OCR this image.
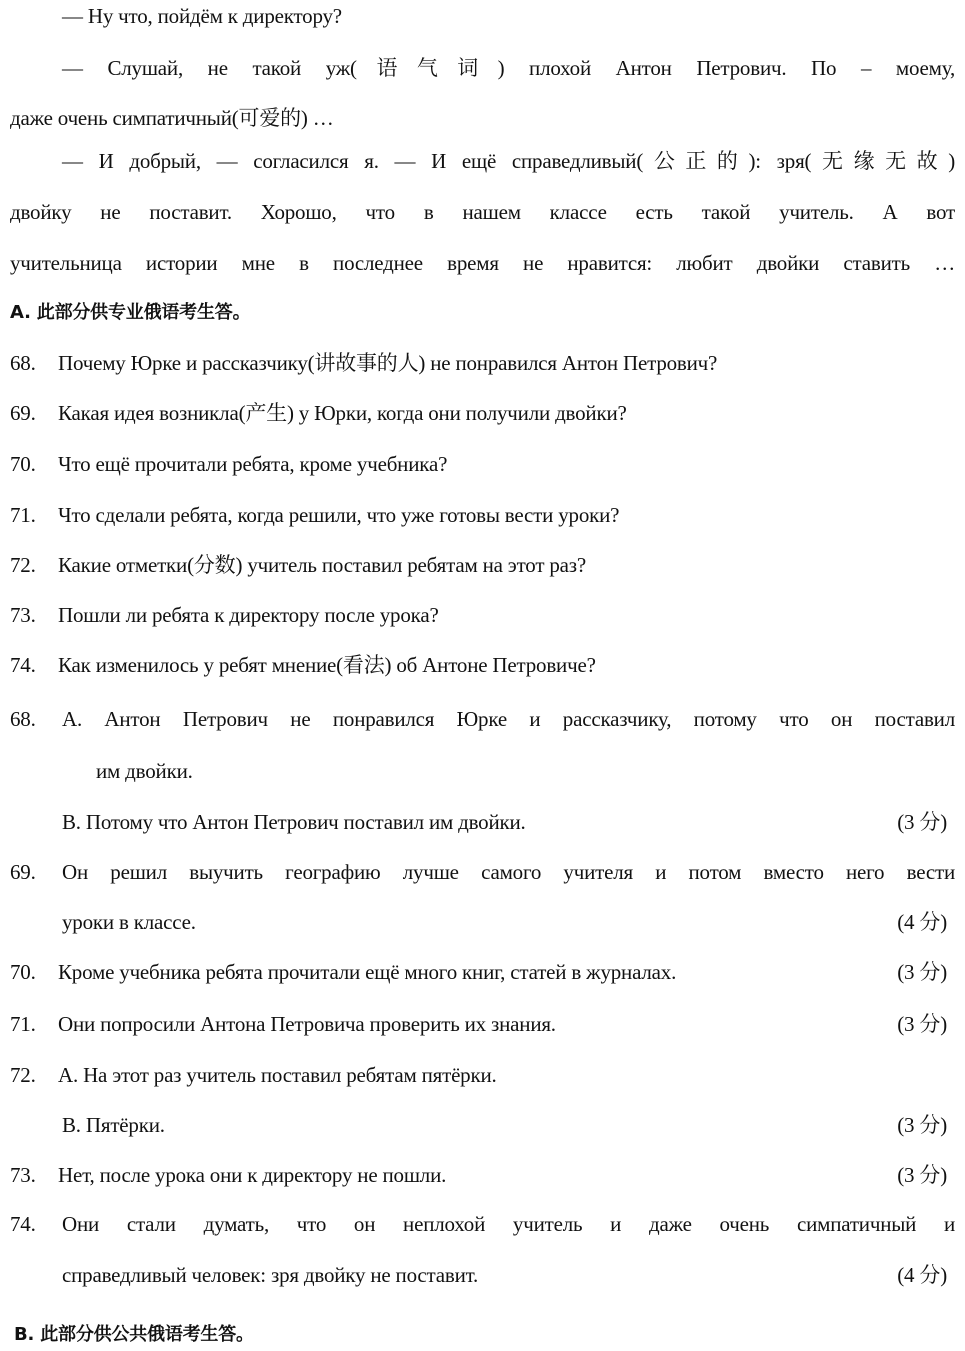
— Ну что, пойдём к директору?
— Слушай, не такой уж(语气词) плохой Антон Петрович. По – моему,
даже очень симпатичный(可爱的) …
— И добрый, — согласился я. — И ещё справедливый(公正的): зря(无缘无故)
двойку не поставит. Хорошо, что в нашем классе есть такой учитель. А вот
учительница истории мне в последнее время не нравится: любит двойки ставить …
A. 此部分供专业俄语考生答。
68. Почему Юрке и рассказчику(讲故事的人) не понравился Антон Петрович?
69. Какая идея возникла(产生) у Юрки, когда они получили двойки?
70. Что ещё прочитали ребята, кроме учебника?
71. Что сделали ребята, когда решили, что уже готовы вести уроки?
72. Какие отметки(分数) учитель поставил ребятам на этот раз?
73. Пошли ли ребята к директору после урока?
74. Как изменилось у ребят мнение(看法) об Антоне Петровиче?
68.	A. Антон Петрович не понравился Юрке и рассказчику, потому что он поставил
им двойки.
B. Потому что Антон Петрович поставил им двойки.	(3 分)
69.	Он решил выучить географию лучше самого учителя и потом вместо него вести
уроки в классе.	(4 分)
70. Кроме учебника ребята прочитали ещё много книг, статей в журналах.	(3 分)
71. Они попросили Антона Петровича проверить их знания.	(3 分)
72. A. На этот раз учитель поставил ребятам пятёрки.
B. Пятёрки.	(3 分)
73. Нет, после урока они к директору не пошли.	(3 分)
74.	Они стали думать, что он неплохой учитель и даже очень симпатичный и
справедливый человек: зря двойку не поставит.	(4 分)
B. 此部分供公共俄语考生答。
